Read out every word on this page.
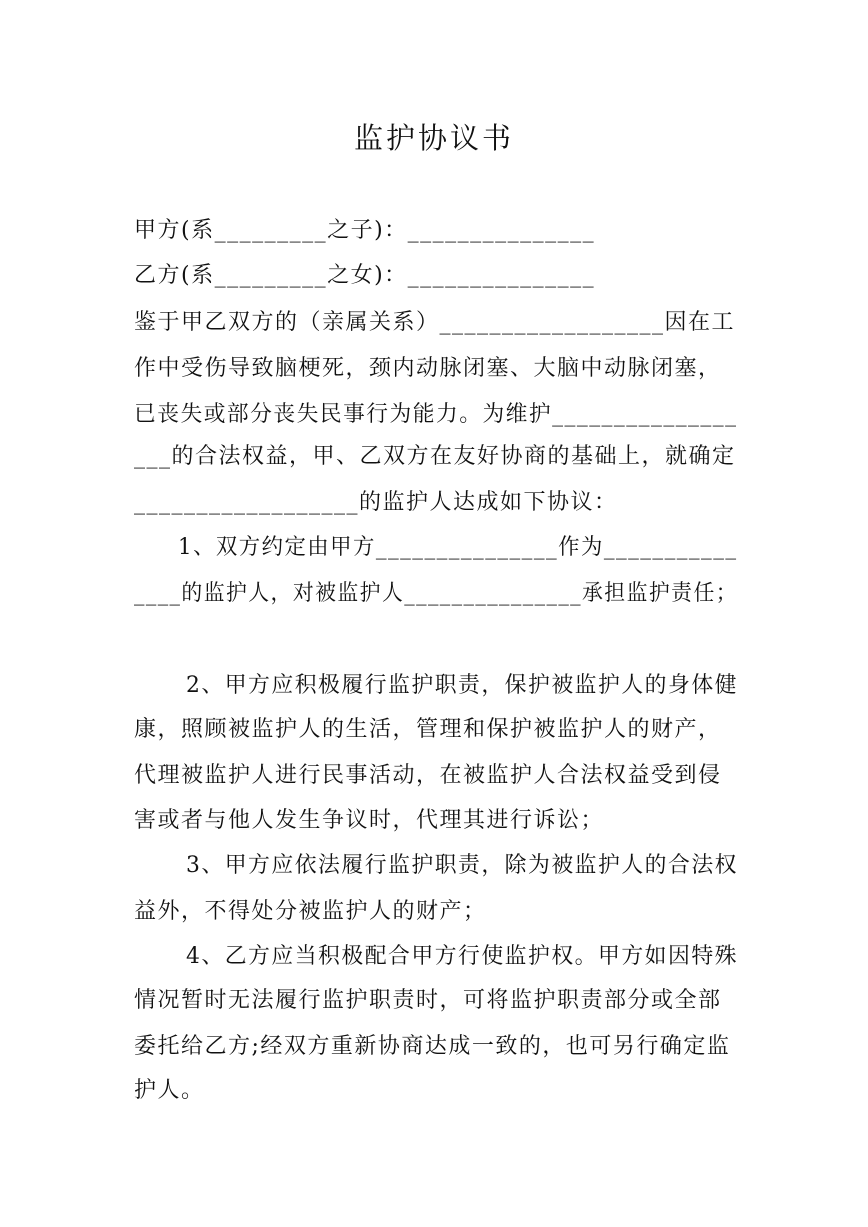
监护协议书
甲方(系_________之子)：_______________
乙方(系_________之女)：_______________
鉴于甲乙双方的（亲属关系）__________________因在工
作中受伤导致脑梗死，颈内动脉闭塞、大脑中动脉闭塞，
已丧失或部分丧失民事行为能力。为维护_______________
___的合法权益，甲、乙双方在友好协商的基础上，就确定
__________________的监护人达成如下协议：
1、双方约定由甲方_______________作为___________
____的监护人，对被监护人_______________承担监护责任；
2、甲方应积极履行监护职责，保护被监护人的身体健
康，照顾被监护人的生活，管理和保护被监护人的财产，
代理被监护人进行民事活动，在被监护人合法权益受到侵
害或者与他人发生争议时，代理其进行诉讼；
3、甲方应依法履行监护职责，除为被监护人的合法权
益外，不得处分被监护人的财产；
4、乙方应当积极配合甲方行使监护权。甲方如因特殊
情况暂时无法履行监护职责时，可将监护职责部分或全部
委托给乙方;经双方重新协商达成一致的，也可另行确定监
护人。
